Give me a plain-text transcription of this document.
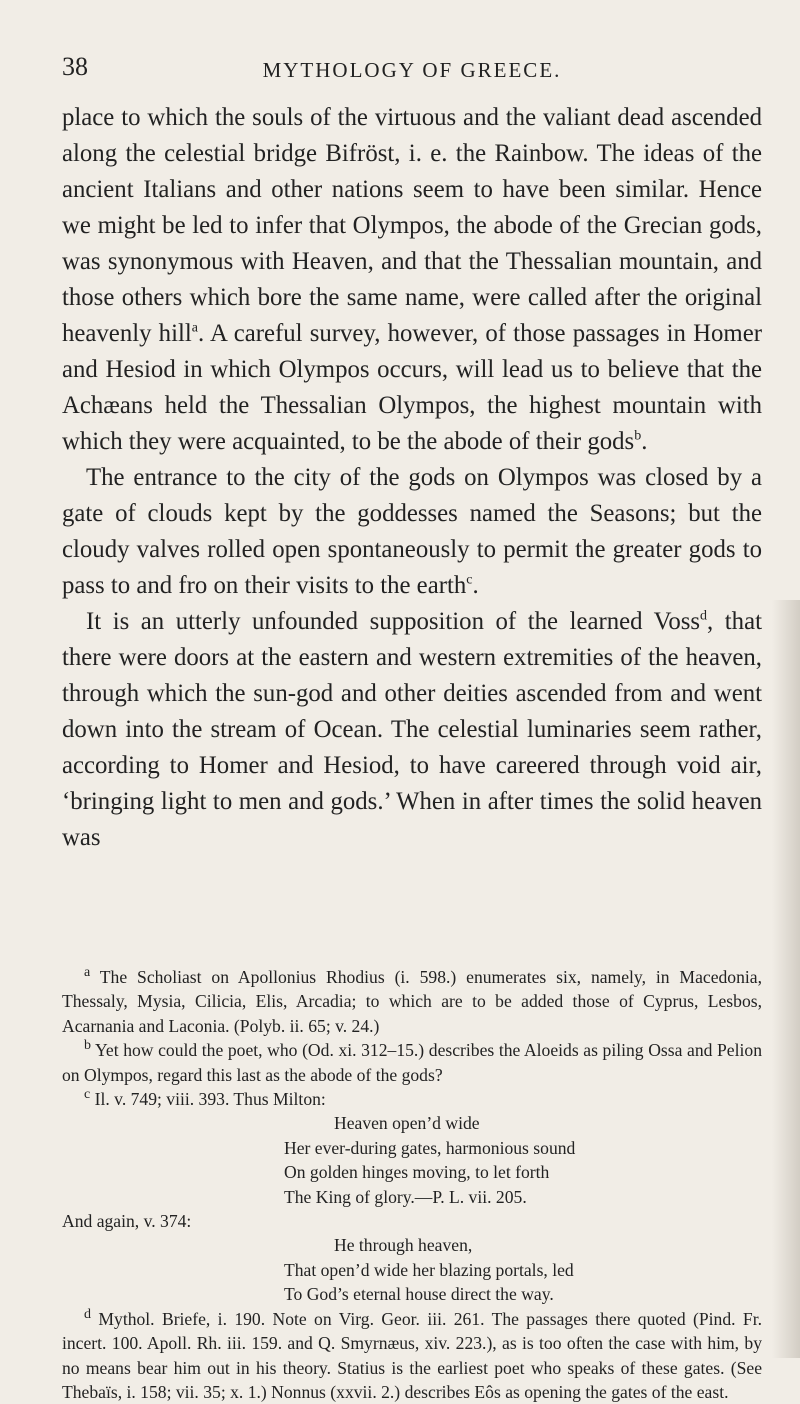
38	MYTHOLOGY OF GREECE.

place to which the souls of the virtuous and the valiant dead ascended along the celestial bridge Bifröst, i. e. the Rainbow. The ideas of the ancient Italians and other nations seem to have been similar. Hence we might be led to infer that Olympos, the abode of the Grecian gods, was synonymous with Heaven, and that the Thessalian mountain, and those others which bore the same name, were called after the original heavenly hill$^a$. A careful survey, however, of those passages in Homer and Hesiod in which Olympos occurs, will lead us to believe that the Achæans held the Thessalian Olympos, the highest mountain with which they were acquainted, to be the abode of their gods$^b$.

The entrance to the city of the gods on Olympos was closed by a gate of clouds kept by the goddesses named the Seasons; but the cloudy valves rolled open spontaneously to permit the greater gods to pass to and fro on their visits to the earth$^c$.

It is an utterly unfounded supposition of the learned Voss$^d$, that there were doors at the eastern and western extremities of the heaven, through which the sun-god and other deities ascended from and went down into the stream of Ocean. The celestial luminaries seem rather, according to Homer and Hesiod, to have careered through void air, ‘bringing light to men and gods.’ When in after times the solid heaven was

$^a$ The Scholiast on Apollonius Rhodius (i. 598.) enumerates six, namely, in Macedonia, Thessaly, Mysia, Cilicia, Elis, Arcadia; to which are to be added those of Cyprus, Lesbos, Acarnania and Laconia. (Polyb. ii. 65; v. 24.)

$^b$ Yet how could the poet, who (Od. xi. 312–15.) describes the Aloeids as piling Ossa and Pelion on Olympos, regard this last as the abode of the gods?

$^c$ Il. v. 749; viii. 393. Thus Milton:

Heaven open’d wide

Her ever-during gates, harmonious sound

On golden hinges moving, to let forth

The King of glory.—P. L. vii. 205.

And again, v. 374:

He through heaven,

That open’d wide her blazing portals, led

To God’s eternal house direct the way.

$^d$ Mythol. Briefe, i. 190. Note on Virg. Geor. iii. 261. The passages there quoted (Pind. Fr. incert. 100. Apoll. Rh. iii. 159. and Q. Smyrnæus, xiv. 223.), as is too often the case with him, by no means bear him out in his theory. Statius is the earliest poet who speaks of these gates. (See Thebaïs, i. 158; vii. 35; x. 1.) Nonnus (xxvii. 2.) describes Eôs as opening the gates of the east.
